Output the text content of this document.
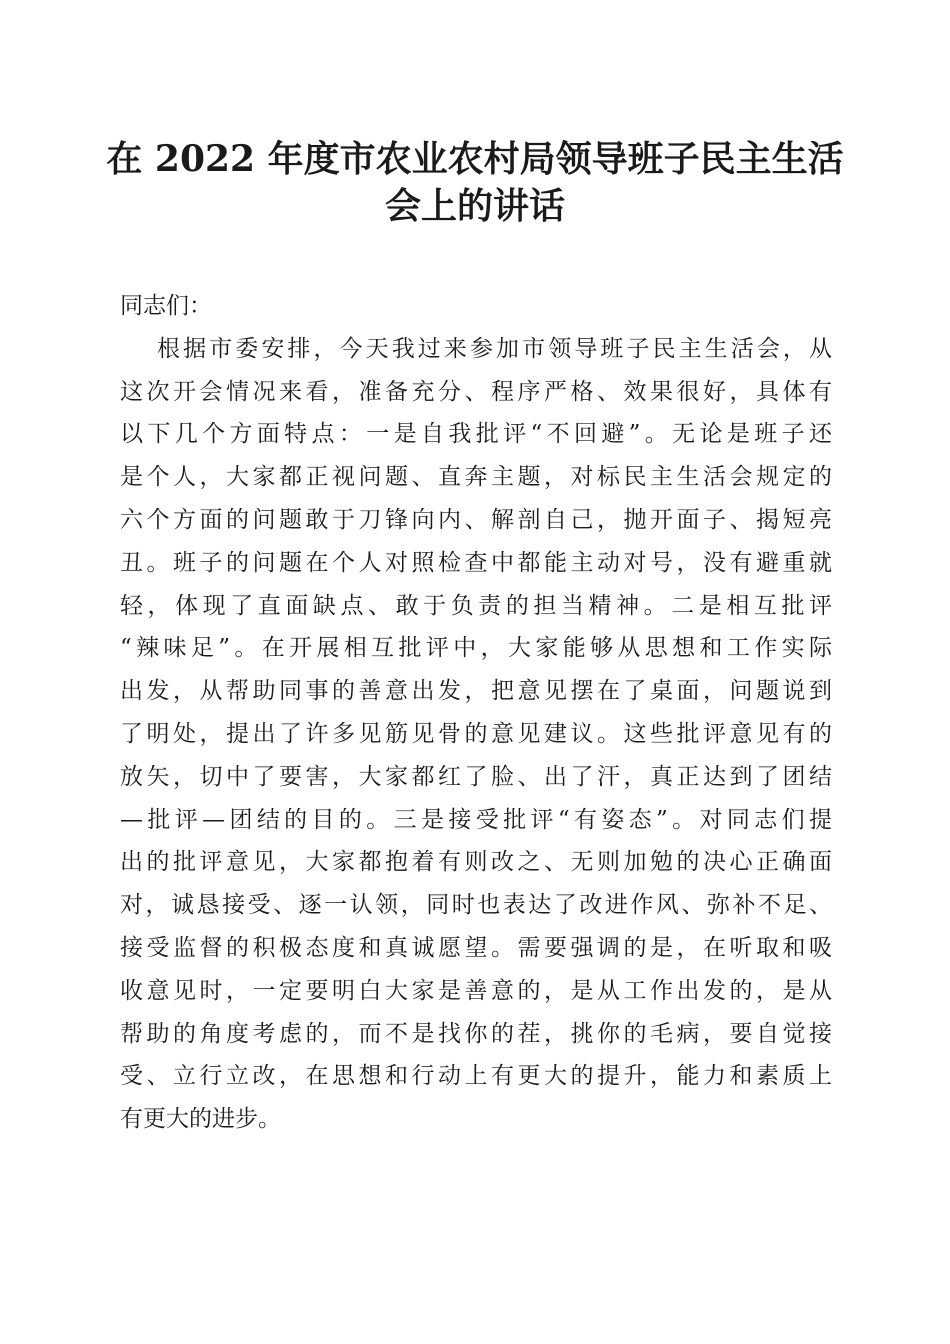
在 2022 年度市农业农村局领导班子民主生活
会上的讲话
同志们：
根据市委安排，今天我过来参加市领导班子民主生活会，从
这次开会情况来看，准备充分、程序严格、效果很好，具体有
以下几个方面特点：一是自我批评“不回避”。无论是班子还
是个人，大家都正视问题、直奔主题，对标民主生活会规定的
六个方面的问题敢于刀锋向内、解剖自己，抛开面子、揭短亮
丑。班子的问题在个人对照检查中都能主动对号，没有避重就
轻，体现了直面缺点、敢于负责的担当精神。二是相互批评
“辣味足”。在开展相互批评中，大家能够从思想和工作实际
出发，从帮助同事的善意出发，把意见摆在了桌面，问题说到
了明处，提出了许多见筋见骨的意见建议。这些批评意见有的
放矢，切中了要害，大家都红了脸、出了汗，真正达到了团结
—批评—团结的目的。三是接受批评“有姿态”。对同志们提
出的批评意见，大家都抱着有则改之、无则加勉的决心正确面
对，诚恳接受、逐一认领，同时也表达了改进作风、弥补不足、
接受监督的积极态度和真诚愿望。需要强调的是，在听取和吸
收意见时，一定要明白大家是善意的，是从工作出发的，是从
帮助的角度考虑的，而不是找你的茬，挑你的毛病，要自觉接
受、立行立改，在思想和行动上有更大的提升，能力和素质上
有更大的进步。
